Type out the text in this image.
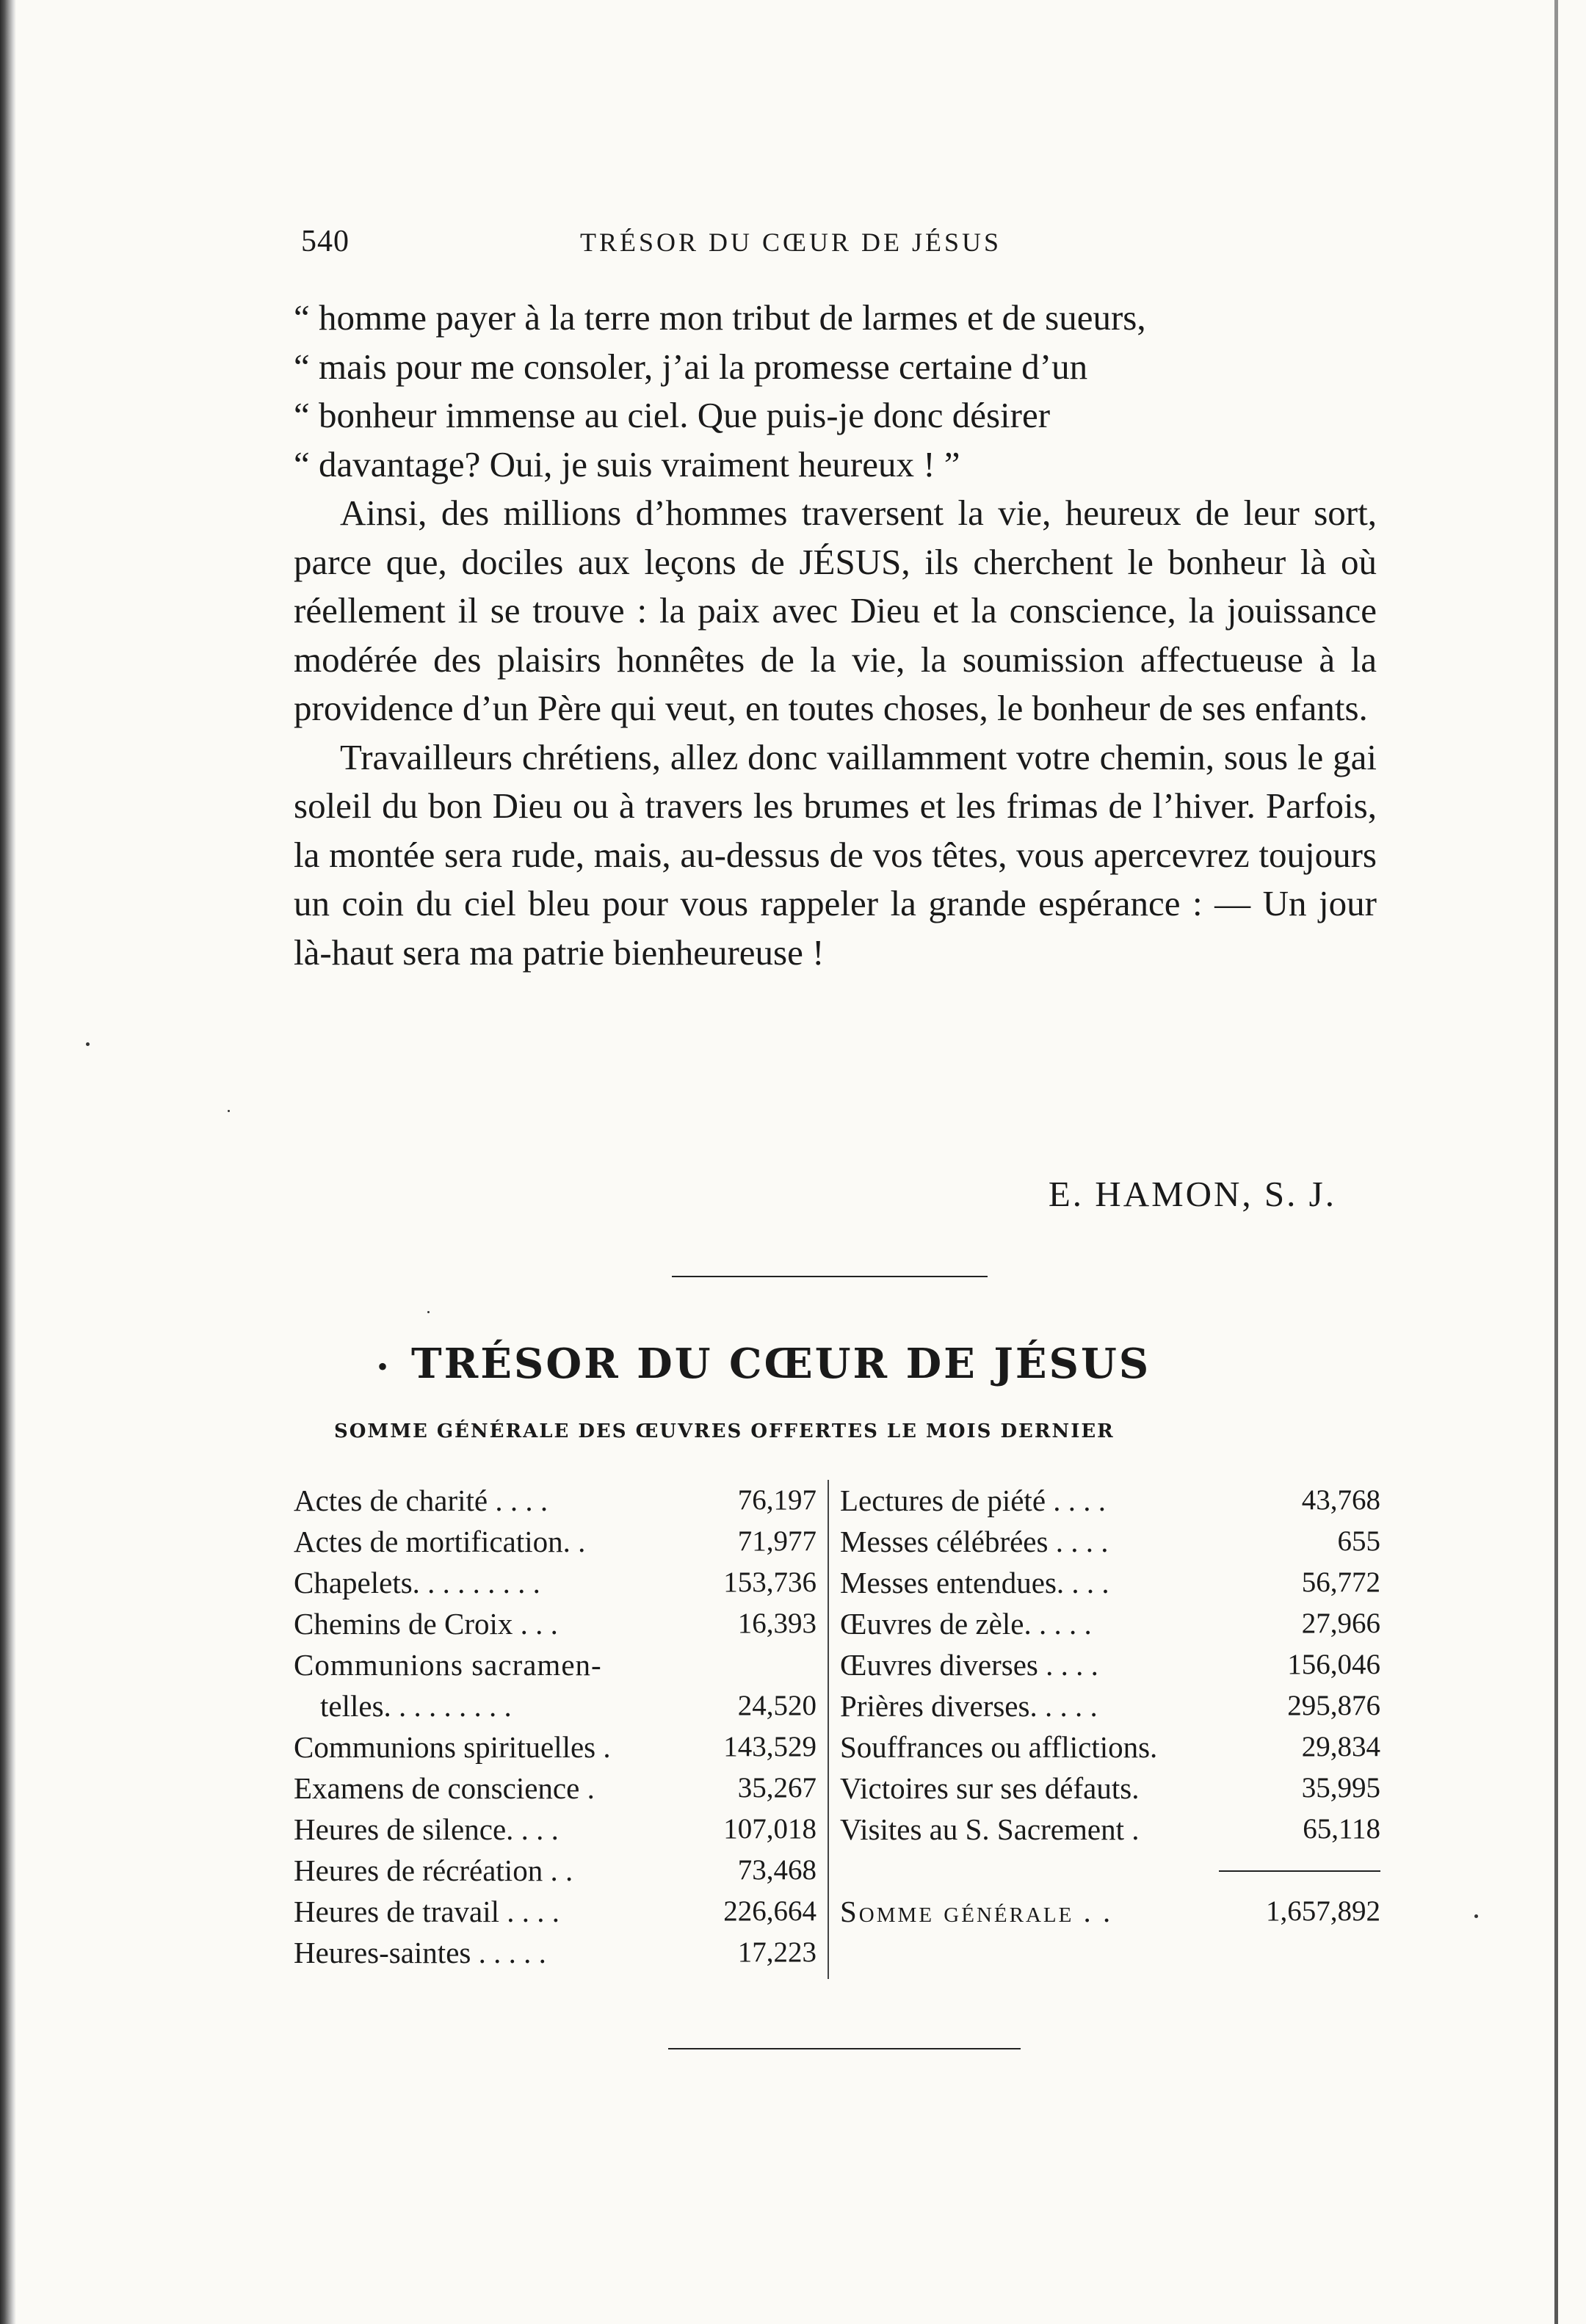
540	TRÉSOR DU CŒUR DE JÉSUS

“ homme payer à la terre mon tribut de larmes et de sueurs,
“ mais pour me consoler, j’ai la promesse certaine d’un
“ bonheur immense au ciel. Que puis-je donc désirer
“ davantage? Oui, je suis vraiment heureux ! ”

Ainsi, des millions d’hommes traversent la vie, heureux de leur sort, parce que, dociles aux leçons de JÉSUS, ils cherchent le bonheur là où réellement il se trouve : la paix avec Dieu et la conscience, la jouissance modérée des plaisirs honnêtes de la vie, la soumission affectueuse à la providence d’un Père qui veut, en toutes choses, le bonheur de ses enfants.

Travailleurs chrétiens, allez donc vaillamment votre chemin, sous le gai soleil du bon Dieu ou à travers les brumes et les frimas de l’hiver. Parfois, la montée sera rude, mais, au-dessus de vos têtes, vous apercevrez toujours un coin du ciel bleu pour vous rappeler la grande espérance : — Un jour là-haut sera ma patrie bienheureuse !

E. HAMON, S. J.
• TRÉSOR DU CŒUR DE JÉSUS
SOMME GÉNÉRALE DES ŒUVRES OFFERTES LE MOIS DERNIER
Actes de charité . . . .	76,197
Actes de mortification. .	71,977
Chapelets. . . . . . . . .	153,736
Chemins de Croix . . .	16,393
Communions sacramen-
telles. . . . . . . . .	24,520
Communions spirituelles .	143,529
Examens de conscience .	35,267
Heures de silence. . . .	107,018
Heures de récréation . .	73,468
Heures de travail . . . .	226,664
Heures-saintes . . . . .	17,223
Lectures de piété . . . .	43,768
Messes célébrées . . . .	655
Messes entendues. . . .	56,772
Œuvres de zèle. . . . .	27,966
Œuvres diverses . . . .	156,046
Prières diverses. . . . .	295,876
Souffrances ou afflictions.	29,834
Victoires sur ses défauts.	35,995
Visites au S. Sacrement .	65,118
Somme générale . .	1,657,892
